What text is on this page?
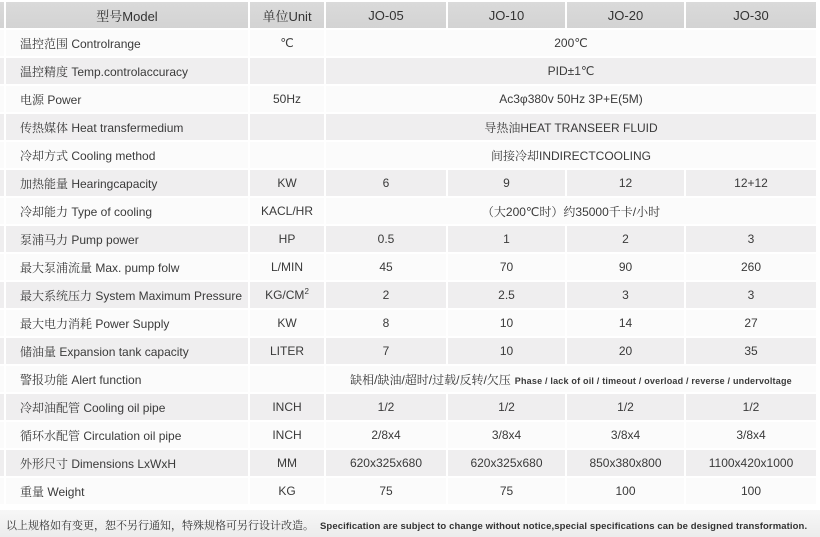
	型号Model	单位Unit	JO-05	JO-10	JO-20	JO-30
	温控范围 Controlrange	℃	200℃			
	温控精度 Temp.controlaccuracy		PID±1℃			
	电源 Power	50Hz	Ac3φ380v 50Hz 3P+E(5M)			
	传热媒体 Heat transfermedium		导热油HEAT TRANSEER FLUID			
	冷却方式 Cooling method		间接冷却INDIRECTCOOLING			
	加热能量 Hearingcapacity	KW	6	9	12	12+12
	冷却能力 Type of cooling	KACL/HR	（大200℃时）约35000千卡/小时			
	泵浦马力 Pump power	HP	0.5	1	2	3
	最大泵浦流量 Max. pump folw	L/MIN	45	70	90	260
	最大系统压力 System Maximum Pressure	$KG/CM^2$	2	2.5	3	3
	最大电力消耗 Power Supply	KW	8	10	14	27
	储油量 Expansion tank capacity	LITER	7	10	20	35
	警报功能 Alert function		缺相/缺油/超时/过载/反转/欠压 Phase / lack of oil / timeout / overload / reverse / undervoltage			
	冷却油配管 Cooling oil pipe	INCH	1/2	1/2	1/2	1/2
	循环水配管 Circulation oil pipe	INCH	2/8x4	3/8x4	3/8x4	3/8x4
	外形尺寸 Dimensions LxWxH	MM	620x325x680	620x325x680	850x380x800	1100x420x1000
	重量 Weight	KG	75	75	100	100
以上规格如有变更，恕不另行通知，特殊规格可另行设计改造。 Specification are subject to change without notice,special specifications can be designed transformation.
